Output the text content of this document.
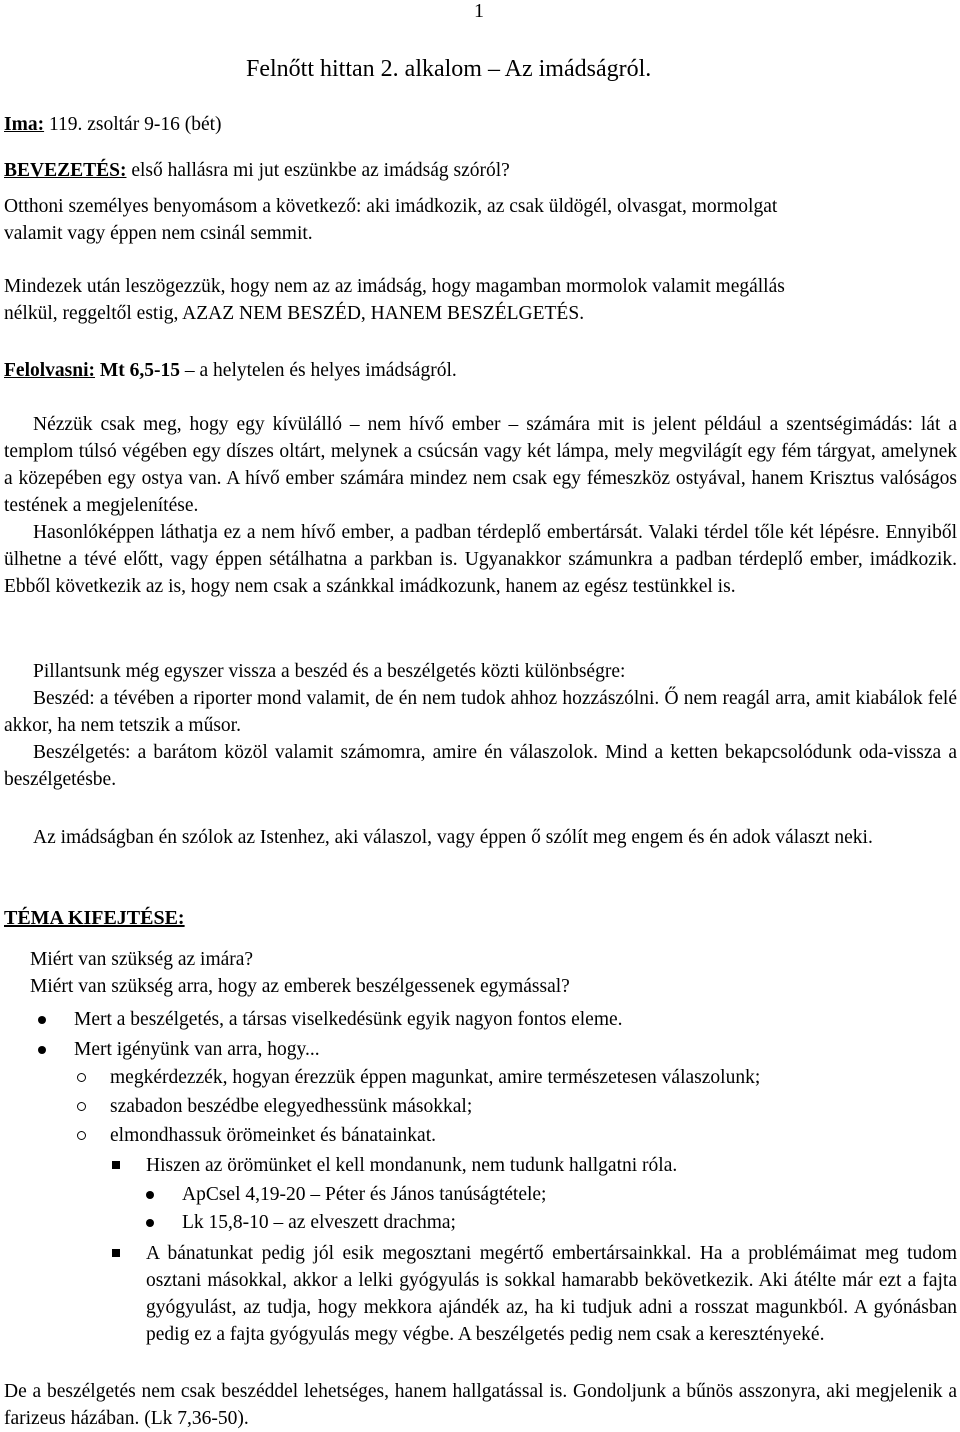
1
Felnőtt hittan 2. alkalom – Az imádságról.
Ima: 119. zsoltár 9-16 (bét)
BEVEZETÉS: első hallásra mi jut eszünkbe az imádság szóról?
Otthoni személyes benyomásom a következő: aki imádkozik, az csak üldögél, olvasgat, mormolgat
valamit vagy éppen nem csinál semmit.
Mindezek után leszögezzük, hogy nem az az imádság, hogy magamban mormolok valamit megállás
nélkül, reggeltől estig, AZAZ NEM BESZÉD, HANEM BESZÉLGETÉS.
Felolvasni: Mt 6,5-15 – a helytelen és helyes imádságról.

Nézzük csak meg, hogy egy kívülálló – nem hívő ember – számára mit is jelent például a szentségimádás: lát a templom túlsó végében egy díszes oltárt, melynek a csúcsán vagy két lámpa, mely megvilágít egy fém tárgyat, amelynek a közepében egy ostya van. A hívő ember számára mindez nem csak egy fémeszköz ostyával, hanem Krisztus valóságos testének a megjelenítése.

Hasonlóképpen láthatja ez a nem hívő ember, a padban térdeplő embertársát. Valaki térdel tőle két lépésre. Ennyiből ülhetne a tévé előtt, vagy éppen sétálhatna a parkban is. Ugyanakkor számunkra a padban térdeplő ember, imádkozik. Ebből következik az is, hogy nem csak a szánkkal imádkozunk, hanem az egész testünkkel is.

Pillantsunk még egyszer vissza a beszéd és a beszélgetés közti különbségre:

Beszéd: a tévében a riporter mond valamit, de én nem tudok ahhoz hozzászólni. Ő nem reagál arra, amit kiabálok felé akkor, ha nem tetszik a műsor.

Beszélgetés: a barátom közöl valamit számomra, amire én válaszolok. Mind a ketten bekapcsolódunk oda-vissza a beszélgetésbe.

Az imádságban én szólok az Istenhez, aki válaszol, vagy éppen ő szólít meg engem és én adok választ neki.

TÉMA KIFEJTÉSE:
Miért van szükség az imára?
Miért van szükség arra, hogy az emberek beszélgessenek egymással?
Mert a beszélgetés, a társas viselkedésünk egyik nagyon fontos eleme.
Mert igényünk van arra, hogy...
megkérdezzék, hogyan érezzük éppen magunkat, amire természetesen válaszolunk;
szabadon beszédbe elegyedhessünk másokkal;
elmondhassuk örömeinket és bánatainkat.
Hiszen az örömünket el kell mondanunk, nem tudunk hallgatni róla.
ApCsel 4,19-20 – Péter és János tanúságtétele;
Lk 15,8-10 – az elveszett drachma;

A bánatunkat pedig jól esik megosztani megértő embertársainkkal. Ha a problémáimat meg tudom osztani másokkal, akkor a lelki gyógyulás is sokkal hamarabb bekövetkezik. Aki átélte már ezt a fajta gyógyulást, az tudja, hogy mekkora ajándék az, ha ki tudjuk adni a rosszat magunkból. A gyónásban pedig ez a fajta gyógyulás megy végbe. A beszélgetés pedig nem csak a keresztényeké.

De a beszélgetés nem csak beszéddel lehetséges, hanem hallgatással is. Gondoljunk a bűnös asszonyra, aki megjelenik a farizeus házában. (Lk 7,36-50).
